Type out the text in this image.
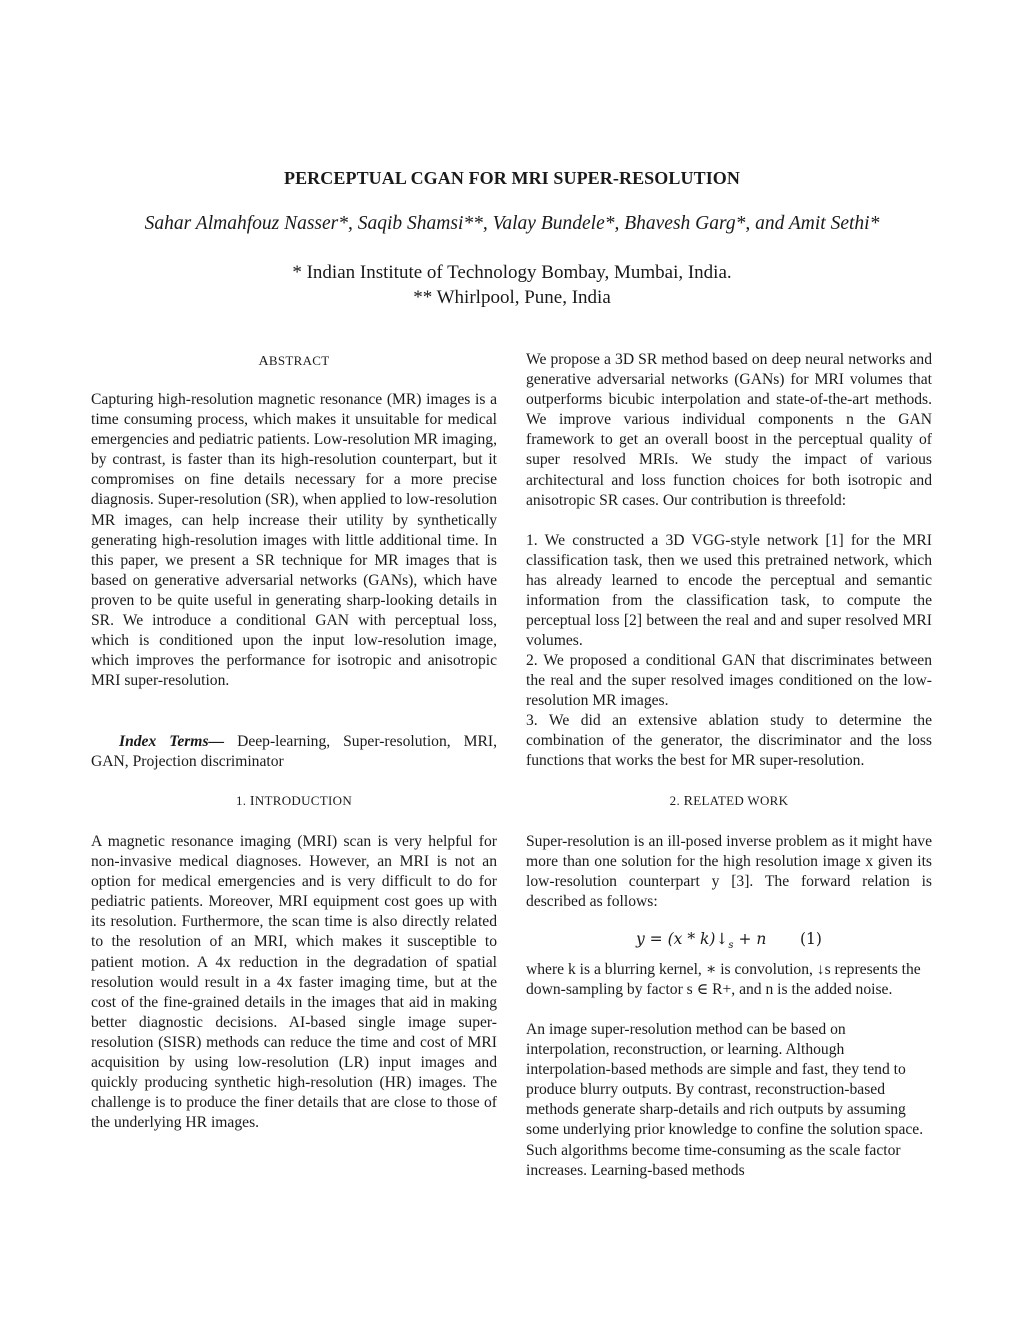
PERCEPTUAL CGAN FOR MRI SUPER-RESOLUTION
Sahar Almahfouz Nasser*, Saqib Shamsi**, Valay Bundele*, Bhavesh Garg*, and Amit Sethi*
* Indian Institute of Technology Bombay, Mumbai, India.
** Whirlpool, Pune, India
ABSTRACT
Capturing high-resolution magnetic resonance (MR) images is a time consuming process, which makes it unsuitable for medical emergencies and pediatric patients. Low-resolution MR imaging, by contrast, is faster than its high-resolution counterpart, but it compromises on fine details necessary for a more precise diagnosis. Super-resolution (SR), when applied to low-resolution MR images, can help increase their utility by synthetically generating high-resolution images with little additional time. In this paper, we present a SR technique for MR images that is based on generative adversarial networks (GANs), which have proven to be quite useful in generating sharp-looking details in SR. We introduce a conditional GAN with perceptual loss, which is conditioned upon the input low-resolution image, which improves the performance for isotropic and anisotropic MRI super-resolution.
Index Terms— Deep-learning, Super-resolution, MRI, GAN, Projection discriminator
We propose a 3D SR method based on deep neural networks and generative adversarial networks (GANs) for MRI volumes that outperforms bicubic interpolation and state-of-the-art methods. We improve various individual components n the GAN framework to get an overall boost in the perceptual quality of super resolved MRIs. We study the impact of various architectural and loss function choices for both isotropic and anisotropic SR cases. Our contribution is threefold:
1. We constructed a 3D VGG-style network [1] for the MRI classification task, then we used this pretrained network, which has already learned to encode the perceptual and semantic information from the classification task, to compute the perceptual loss [2] between the real and and super resolved MRI volumes.
2. We proposed a conditional GAN that discriminates between the real and the super resolved images conditioned on the low-resolution MR images.
3. We did an extensive ablation study to determine the combination of the generator, the discriminator and the loss functions that works the best for MR super-resolution.
1. INTRODUCTION
A magnetic resonance imaging (MRI) scan is very helpful for non-invasive medical diagnoses. However, an MRI is not an option for medical emergencies and is very difficult to do for pediatric patients. Moreover, MRI equipment cost goes up with its resolution. Furthermore, the scan time is also directly related to the resolution of an MRI, which makes it susceptible to patient motion. A 4x reduction in the degradation of spatial resolution would result in a 4x faster imaging time, but at the cost of the fine-grained details in the images that aid in making better diagnostic decisions. AI-based single image super-resolution (SISR) methods can reduce the time and cost of MRI acquisition by using low-resolution (LR) input images and quickly producing synthetic high-resolution (HR) images. The challenge is to produce the finer details that are close to those of the underlying HR images.
2. RELATED WORK
Super-resolution is an ill-posed inverse problem as it might have more than one solution for the high resolution image x given its low-resolution counterpart y [3]. The forward relation is described as follows:
$y = (x * k)↓_s + n$ (1)
where k is a blurring kernel, ∗ is convolution, ↓s represents the down-sampling by factor s ∈ R+, and n is the added noise.
An image super-resolution method can be based on interpolation, reconstruction, or learning. Although interpolation-based methods are simple and fast, they tend to produce blurry outputs. By contrast, reconstruction-based methods generate sharp-details and rich outputs by assuming some underlying prior knowledge to confine the solution space. Such algorithms become time-consuming as the scale factor increases. Learning-based methods
